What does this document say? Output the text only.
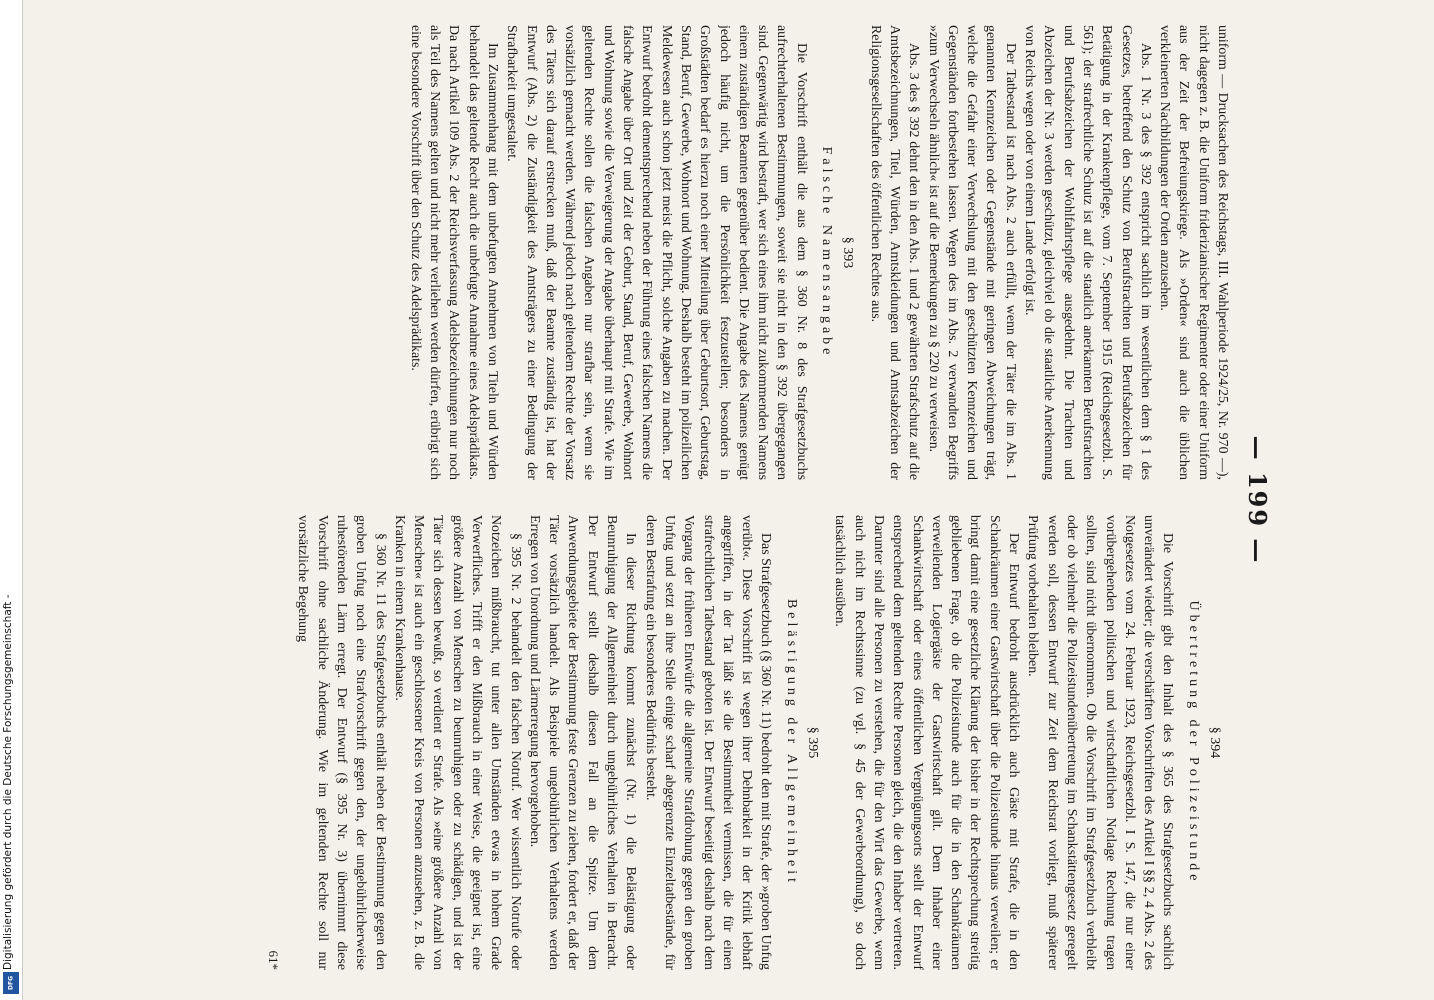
Digitalisierung gefördert durch die Deutsche Forschungsgemeinschaft -
DFG
— 199 —

uniform — Drucksachen des Reichstags, III. Wahlperiode 1924/25, Nr. 970 —), nicht dagegen z. B. die Uniform friderizianischer Regimenter oder einer Uniform aus der Zeit der Befreiungskriege. Als »Orden« sind auch die üblichen verkleinerten Nachbildungen der Orden anzusehen.

Abs. 1 Nr. 3 des § 392 entspricht sachlich im wesentlichen dem § 1 des Gesetzes, betreffend den Schutz von Berufstrachten und Berufsabzeichen für Betätigung in der Krankenpflege, vom 7. September 1915 (Reichsgesetzbl. S. 561); der strafrechtliche Schutz ist auf die staatlich anerkannten Berufstrachten und Berufsabzeichen der Wohlfahrtspflege ausgedehnt. Die Trachten und Abzeichen der Nr. 3 werden geschützt, gleichviel ob die staatliche Anerkennung von Reichs wegen oder von einem Lande erfolgt ist.

Der Tatbestand ist nach Abs. 2 auch erfüllt, wenn der Täter die im Abs. 1 genannten Kennzeichen oder Gegenstände mit geringen Abweichungen trägt, welche die Gefahr einer Verwechslung mit den geschützten Kennzeichen und Gegenständen fortbestehen lassen. Wegen des im Abs. 2 verwandten Begriffs »zum Verwechseln ähnlich« ist auf die Bemerkungen zu § 220 zu verweisen.

Abs. 3 des § 392 dehnt den in den Abs. 1 und 2 gewährten Strafschutz auf die Amtsbezeichnungen, Titel, Würden, Amtskleidungen und Amtsabzeichen der Religionsgesellschaften des öffentlichen Rechtes aus.

§ 393
Falsche Namensangabe

Die Vorschrift enthält die aus dem § 360 Nr. 8 des Strafgesetzbuchs aufrechterhaltenen Bestimmungen, soweit sie nicht in den § 392 übergegangen sind. Gegenwärtig wird bestraft, wer sich eines ihm nicht zukommenden Namens einem zuständigen Beamten gegenüber bedient. Die Angabe des Namens genügt jedoch häufig nicht, um die Persönlichkeit festzustellen; besonders in Großstädten bedarf es hierzu noch einer Mitteilung über Geburtsort, Geburtstag, Stand, Beruf, Gewerbe, Wohnort und Wohnung. Deshalb besteht im polizeilichen Meldewesen auch schon jetzt meist die Pflicht, solche Angaben zu machen. Der Entwurf bedroht dementsprechend neben der Führung eines falschen Namens die falsche Angabe über Ort und Zeit der Geburt, Stand, Beruf, Gewerbe, Wohnort und Wohnung sowie die Verweigerung der Angabe überhaupt mit Strafe. Wie im geltenden Rechte sollen die falschen Angaben nur strafbar sein, wenn sie vorsätzlich gemacht werden. Während jedoch nach geltendem Rechte der Vorsatz des Täters sich darauf erstrecken muß, daß der Beamte zuständig ist, hat der Entwurf (Abs. 2) die Zuständigkeit des Amtsträgers zu einer Bedingung der Strafbarkeit umgestaltet.

Im Zusammenhang mit dem unbefugten Annehmen von Titeln und Würden behandelt das geltende Recht auch die unbefugte Annahme eines Adelsprädikats. Da nach Artikel 109 Abs. 2 der Reichsverfassung Adelsbezeichnungen nur noch als Teil des Namens gelten und nicht mehr verliehen werden dürfen, erübrigt sich eine besondere Vorschrift über den Schutz des Adelsprädikats.

§ 394
Übertretung der Polizeistunde

Die Vorschrift gibt den Inhalt des § 365 des Strafgesetzbuchs sachlich unverändert wieder; die verschärften Vorschriften des Artikel I §§ 2, 4 Abs. 2 des Notgesetzes vom 24. Februar 1923, Reichsgesetzbl. I S. 147, die nur einer vorübergehenden politischen und wirtschaftlichen Notlage Rechnung tragen sollten, sind nicht übernommen. Ob die Vorschrift im Strafgesetzbuch verbleibt oder ob vielmehr die Polizeistundenübertretung im Schankstättengesetz geregelt werden soll, dessen Entwurf zur Zeit dem Reichsrat vorliegt, muß späterer Prüfung vorbehalten bleiben.

Der Entwurf bedroht ausdrücklich auch Gäste mit Strafe, die in den Schankräumen einer Gastwirtschaft über die Polizeistunde hinaus verweilen; er bringt damit eine gesetzliche Klärung der bisher in der Rechtsprechung streitig gebliebenen Frage, ob die Polizeistunde auch für die in den Schankräumen verweilenden Logiergäste der Gastwirtschaft gilt. Dem Inhaber einer Schankwirtschaft oder eines öffentlichen Vergnügungsorts stellt der Entwurf entsprechend dem geltenden Rechte Personen gleich, die den Inhaber vertreten. Darunter sind alle Personen zu verstehen, die für den Wirt das Gewerbe, wenn auch nicht im Rechtssinne (zu vgl. § 45 der Gewerbeordnung), so doch tatsächlich ausüben.

§ 395
Belästigung der Allgemeinheit

Das Strafgesetzbuch (§ 360 Nr. 11) bedroht den mit Strafe, der »groben Unfug verübt«. Diese Vorschrift ist wegen ihrer Dehnbarkeit in der Kritik lebhaft angegriffen, in der Tat läßt sie die Bestimmtheit vermissen, die für einen strafrechtlichen Tatbestand geboten ist. Der Entwurf beseitigt deshalb nach dem Vorgang der früheren Entwürfe die allgemeine Strafdrohung gegen den groben Unfug und setzt an ihre Stelle einige scharf abgegrenzte Einzeltatbestände, für deren Bestrafung ein besonderes Bedürfnis besteht.

In dieser Richtung kommt zunächst (Nr. 1) die Belästigung oder Beunruhigung der Allgemeinheit durch ungebührliches Verhalten in Betracht. Der Entwurf stellt deshalb diesen Fall an die Spitze. Um dem Anwendungsgebiete der Bestimmung feste Grenzen zu ziehen, fordert er, daß der Täter vorsätzlich handelt. Als Beispiele ungebührlichen Verhaltens werden Erregen von Unordnung und Lärmerregung hervorgehoben.

§ 395 Nr. 2 behandelt den falschen Notruf. Wer wissentlich Notrufe oder Notzeichen mißbraucht, tut unter allen Umständen etwas in hohem Grade Verwerfliches. Trifft er den Mißbrauch in einer Weise, die geeignet ist, eine größere Anzahl von Menschen zu beunruhigen oder zu schädigen, und ist der Täter sich dessen bewußt, so verdient er Strafe. Als »eine größere Anzahl von Menschen« ist auch ein geschlossener Kreis von Personen anzusehen, z. B. die Kranken in einem Krankenhause.

§ 360 Nr. 11 des Strafgesetzbuchs enthält neben der Bestimmung gegen den groben Unfug noch eine Strafvorschrift gegen den, der ungebührlicherweise ruhestörenden Lärm erregt. Der Entwurf (§ 395 Nr. 3) übernimmt diese Vorschrift ohne sachliche Änderung. Wie im geltenden Rechte soll nur vorsätzliche Begehung

61*
